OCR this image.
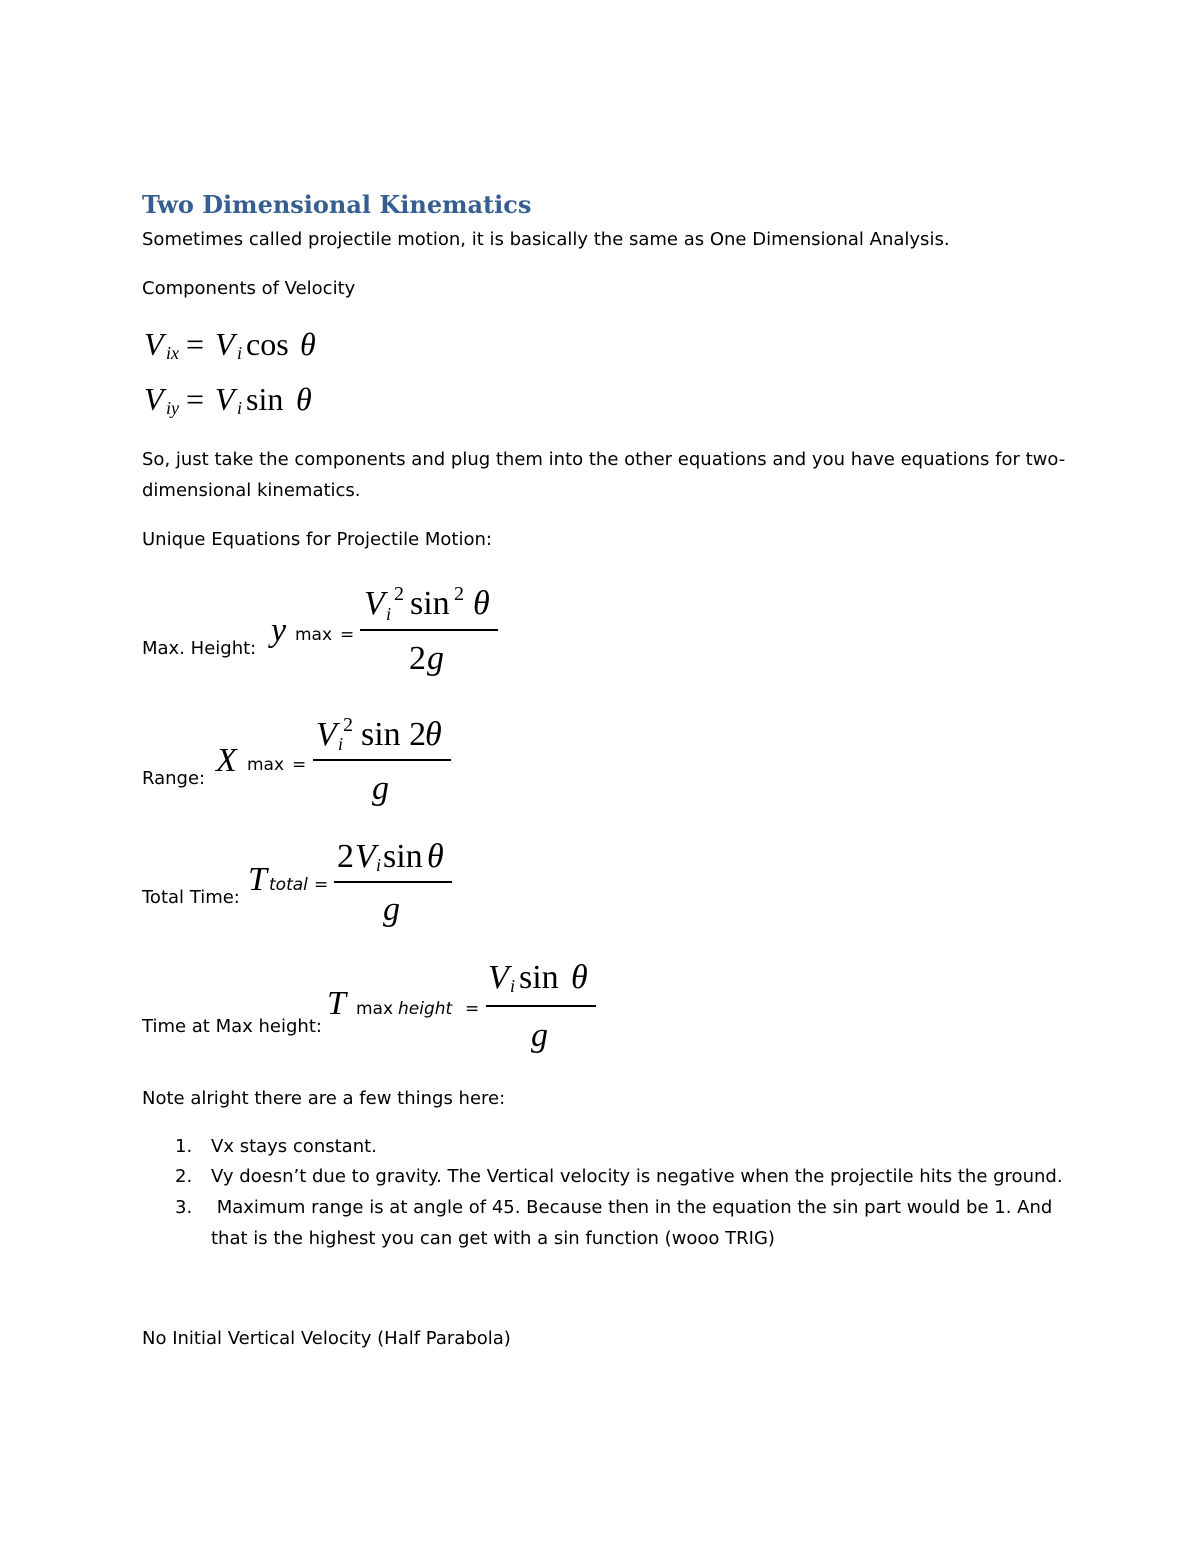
Two Dimensional Kinematics
Sometimes called projectile motion, it is basically the same as One Dimensional Analysis.
Components of Velocity
V ix = V i cos θ
V iy = V i sin θ
So, just take the components and plug them into the other equations and you have equations for two-
dimensional kinematics.
Unique Equations for Projectile Motion:
Max. Height: y max =
V i
2 sin 2 θ
2 g
Range: X max =
V i
2 sin 2
θ
g
Total Time: T total =
2 V i sin θ
g
Time at Max height:
T max height =
V i sin θ
g
Note alright there are a few things here:
1. Vx stays constant.
2. Vy doesn’t due to gravity. The Vertical velocity is negative when the projectile hits the ground.
3. Maximum range is at angle of 45. Because then in the equation the sin part would be 1. And
that is the highest you can get with a sin function (wooo TRIG)
No Initial Vertical Velocity (Half Parabola)
